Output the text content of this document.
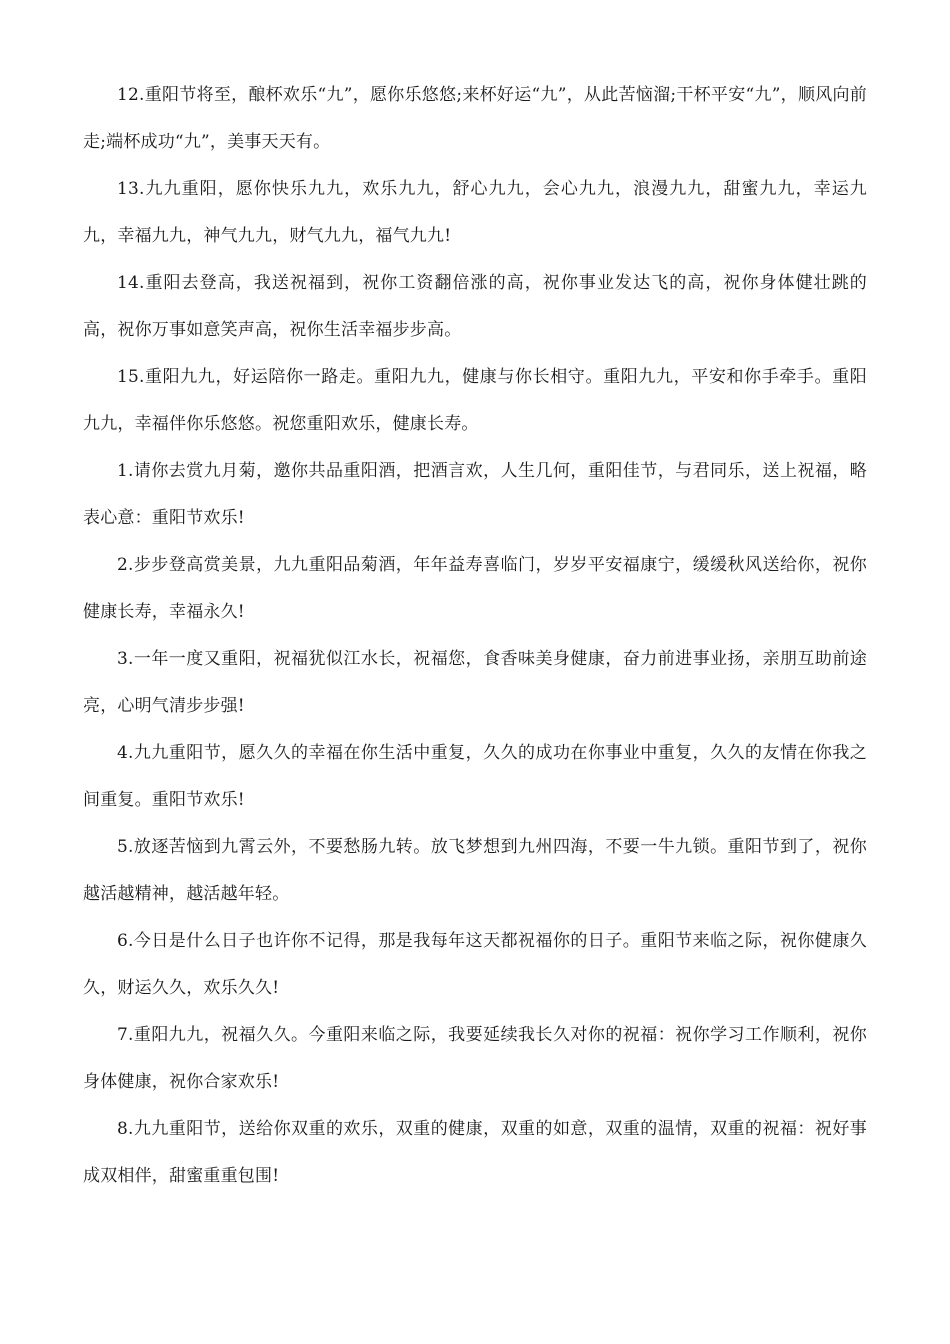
12.重阳节将至，酿杯欢乐“九”，愿你乐悠悠;来杯好运“九”，从此苦恼溜;干杯平安“九”，顺风向前走;端杯成功“九”，美事天天有。

13.九九重阳，愿你快乐九九，欢乐九九，舒心九九，会心九九，浪漫九九，甜蜜九九，幸运九九，幸福九九，神气九九，财气九九，福气九九!

14.重阳去登高，我送祝福到，祝你工资翻倍涨的高，祝你事业发达飞的高，祝你身体健壮跳的高，祝你万事如意笑声高，祝你生活幸福步步高。

15.重阳九九，好运陪你一路走。重阳九九，健康与你长相守。重阳九九，平安和你手牵手。重阳九九，幸福伴你乐悠悠。祝您重阳欢乐，健康长寿。

1.请你去赏九月菊，邀你共品重阳酒，把酒言欢，人生几何，重阳佳节，与君同乐，送上祝福，略表心意：重阳节欢乐!

2.步步登高赏美景，九九重阳品菊酒，年年益寿喜临门，岁岁平安福康宁，缓缓秋风送给你，祝你健康长寿，幸福永久!

3.一年一度又重阳，祝福犹似江水长，祝福您，食香味美身健康，奋力前进事业扬，亲朋互助前途亮，心明气清步步强!

4.九九重阳节，愿久久的幸福在你生活中重复，久久的成功在你事业中重复，久久的友情在你我之间重复。重阳节欢乐!

5.放逐苦恼到九霄云外，不要愁肠九转。放飞梦想到九州四海，不要一牛九锁。重阳节到了，祝你越活越精神，越活越年轻。

6.今日是什么日子也许你不记得，那是我每年这天都祝福你的日子。重阳节来临之际，祝你健康久久，财运久久，欢乐久久!

7.重阳九九，祝福久久。今重阳来临之际，我要延续我长久对你的祝福：祝你学习工作顺利，祝你身体健康，祝你合家欢乐!

8.九九重阳节，送给你双重的欢乐，双重的健康，双重的如意，双重的温情，双重的祝福：祝好事成双相伴，甜蜜重重包围!
